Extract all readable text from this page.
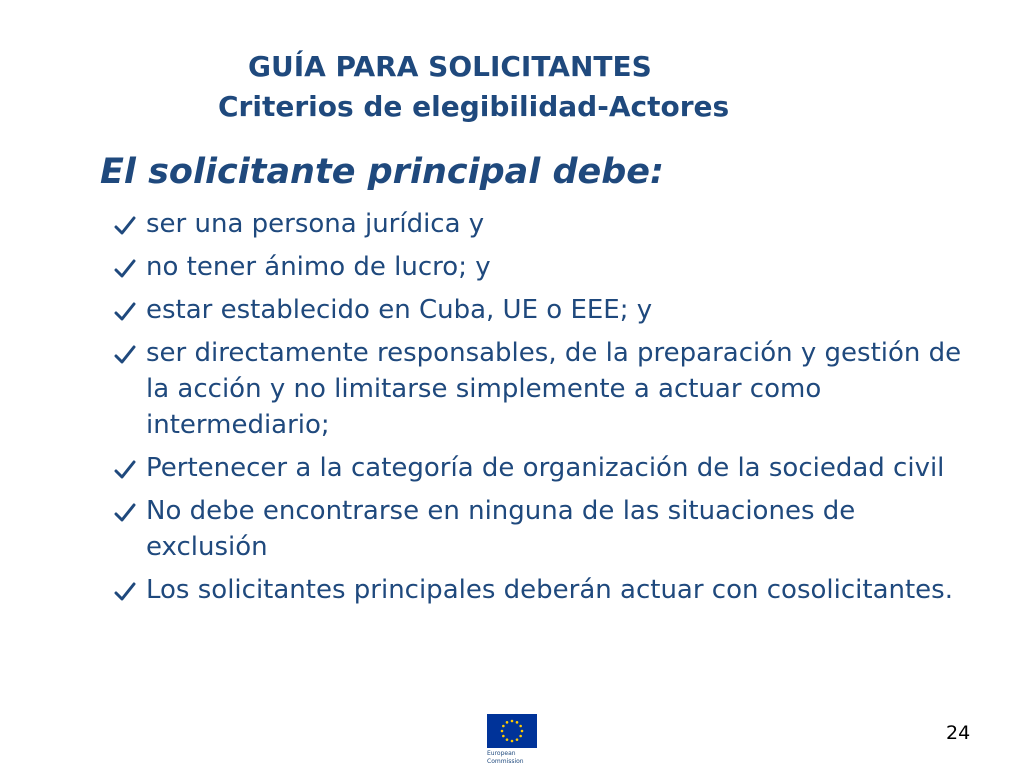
GUÍA PARA SOLICITANTES
Criterios de elegibilidad-Actores
El solicitante principal debe:
ser una persona jurídica y
no tener ánimo de lucro; y
estar establecido en Cuba, UE o EEE; y
ser directamente responsables, de la preparación y gestión de la acción y no limitarse simplemente a actuar como intermediario;
Pertenecer a la categoría de organización de la sociedad civil
No debe encontrarse en ninguna de las situaciones de exclusión
Los solicitantes principales deberán actuar con cosolicitantes.
European
Commission
24
